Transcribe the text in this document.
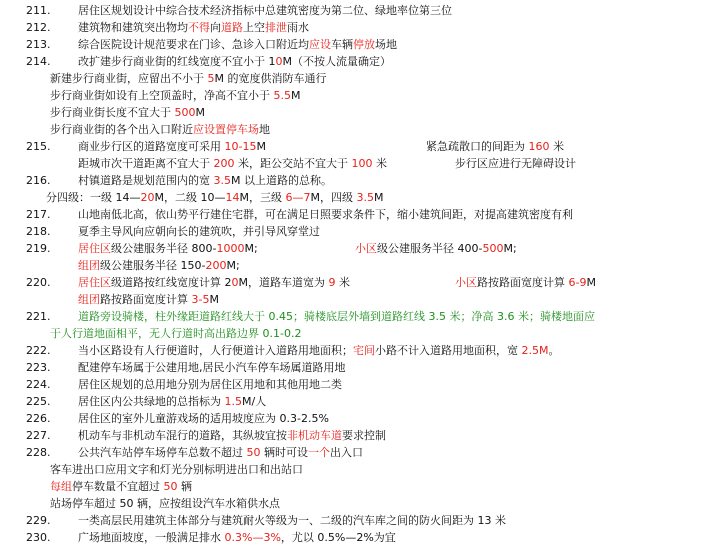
211.	居住区规划设计中综合技术经济指标中总建筑密度为第二位、绿地率位第三位
212.	建筑物和建筑突出物均不得向道路上空排泄雨水
213.	综合医院设计规范要求在门诊、急诊入口附近均应设车辆停放场地
214.	改扩建步行商业街的红线宽度不宜小于 10M（不按人流量确定）
新建步行商业街，应留出不小于 5M 的宽度供消防车通行
步行商业街如设有上空顶盖时，净高不宜小于 5.5M
步行商业街长度不宜大于 500M
步行商业街的各个出入口附近应设置停车场地
215.	商业步行区的道路宽度可采用 10-15M	紧急疏散口的间距为 160 米
距城市次干道距离不宜大于 200 米，距公交站不宜大于 100 米	步行区应进行无障碍设计
216.	村镇道路是规划范围内的宽 3.5M 以上道路的总称。
分四级：一级 14—20M，二级 10—14M，三级 6—7M，四级 3.5M
217.	山地南低北高，依山势平行建住宅群，可在满足日照要求条件下，缩小建筑间距，对提高建筑密度有利
218.	夏季主导风向应朝向长的建筑吹，并引导风穿堂过
219.	居住区级公建服务半径 800-1000M;	小区级公建服务半径 400-500M;
组团级公建服务半径 150-200M;
220.	居住区级道路按红线宽度计算 20M，道路车道宽为 9 米	小区路按路面宽度计算 6-9M
组团路按路面宽度计算 3-5M
221.	道路旁设骑楼，柱外缘距道路红线大于 0.45；骑楼底层外墙到道路红线 3.5 米；净高 3.6 米；骑楼地面应
于人行道地面相平，无人行道时高出路边界 0.1-0.2
222.	当小区路设有人行便道时，人行便道计入道路用地面积；宅间小路不计入道路用地面积，宽 2.5M。
223.	配建停车场属于公建用地,居民小汽车停车场属道路用地
224.	居住区规划的总用地分别为居住区用地和其他用地二类
225.	居住区内公共绿地的总指标为 1.5M/人
226.	居住区的室外儿童游戏场的适用坡度应为 0.3-2.5%
227.	机动车与非机动车混行的道路，其纵坡宜按非机动车道要求控制
228.	公共汽车站停车场停车总数不超过 50 辆时可设一个出入口
客车进出口应用文字和灯光分别标明进出口和出站口
每组停车数量不宜超过 50 辆
站场停车超过 50 辆，应按组设汽车水箱供水点
229.	一类高层民用建筑主体部分与建筑耐火等级为一、二级的汽车库之间的防火间距为 13 米
230.	广场地面坡度，一般满足排水 0.3%—3%，尤以 0.5%—2%为宜
